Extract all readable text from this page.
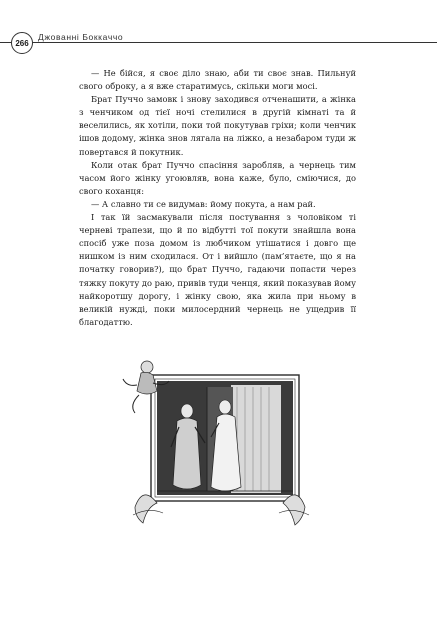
266
Джованні Боккаччо

— Не бійся, я своє діло знаю, аби ти своє знав. Пильнуй свого оброку, а я вже старатимусь, скільки моги мосі.

Брат Пуччо замовк і знову заходився отченашити, а жінка з ченчиком од тієї ночі стелилися в другій кімнаті та й веселились, як хотіли, поки той покутував гріхи; коли ченчик ішов додому, жінка знов лягала на ліжко, а незабаром туди ж повертався й покутник.

Коли отак брат Пуччо спасіння заробляв, а чернець тим часом його жінку угоювляв, вона каже, було, сміючися, до свого коханця:

— А славно ти се видумав: йому покута, а нам рай.

І так їй засмакували після постування з чоловіком ті черневі трапези, що й по відбутті тої покути знайшла вона спосіб уже поза домом із любчиком утішатися і довго ще нишком із ним сходилася. От і вийшло (пам’ятаєте, що я на початку говорив?), що брат Пуччо, гадаючи попасти через тяжку покуту до раю, привів туди ченця, який показував йому найкоротшу дорогу, і жінку свою, яка жила при ньому в великій нужді, поки милосердний чернець не ущедрив її благодаттю.
